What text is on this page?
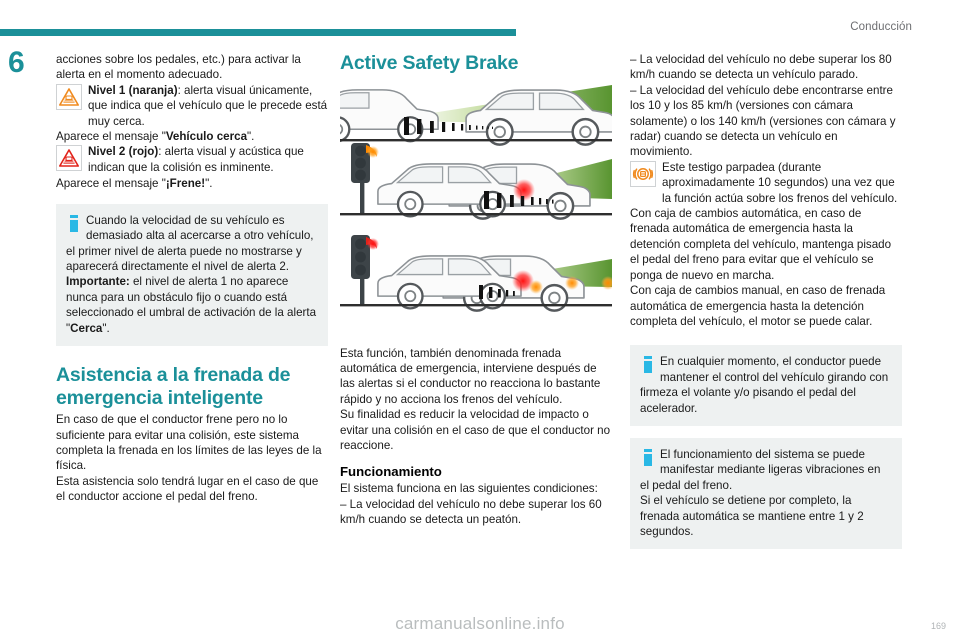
Conducción
6	acciones sobre los pedales, etc.) para activar la alerta en el momento adecuado.

Nivel 1 (naranja): alerta visual únicamente, que indica que el vehículo que le precede está muy cerca.

Aparece el mensaje "Vehículo cerca".

Nivel 2 (rojo): alerta visual y acústica que indican que la colisión es inminente.

Aparece el mensaje "¡Frene!".

Cuando la velocidad de su vehículo es demasiado alta al acercarse a otro vehículo, el primer nivel de alerta puede no mostrarse y aparecerá directamente el nivel de alerta 2.

Importante: el nivel de alerta 1 no aparece nunca para un obstáculo fijo o cuando está seleccionado el umbral de activación de la alerta "Cerca".

Asistencia a la frenada de emergencia inteligente

En caso de que el conductor frene pero no lo suficiente para evitar una colisión, este sistema completa la frenada en los límites de las leyes de la física.

Esta asistencia solo tendrá lugar en el caso de que el conductor accione el pedal del freno.

Active Safety Brake

Esta función, también denominada frenada automática de emergencia, interviene después de las alertas si el conductor no reacciona lo bastante rápido y no acciona los frenos del vehículo.

Su finalidad es reducir la velocidad de impacto o evitar una colisión en el caso de que el conductor no reaccione.

Funcionamiento

El sistema funciona en las siguientes condiciones:

– La velocidad del vehículo no debe superar los 60 km/h cuando se detecta un peatón.

– La velocidad del vehículo no debe superar los 80 km/h cuando se detecta un vehículo parado.

– La velocidad del vehículo debe encontrarse entre los 10 y los 85 km/h (versiones con cámara solamente) o los 140 km/h (versiones con cámara y radar) cuando se detecta un vehículo en movimiento.

Este testigo parpadea (durante aproximadamente 10 segundos) una vez que la función actúa sobre los frenos del vehículo.

Con caja de cambios automática, en caso de frenada automática de emergencia hasta la detención completa del vehículo, mantenga pisado el pedal del freno para evitar que el vehículo se ponga de nuevo en marcha.

Con caja de cambios manual, en caso de frenada automática de emergencia hasta la detención completa del vehículo, el motor se puede calar.

En cualquier momento, el conductor puede mantener el control del vehículo girando con firmeza el volante y/o pisando el pedal del acelerador.
El funcionamiento del sistema se puede manifestar mediante ligeras vibraciones en el pedal del freno.

Si el vehículo se detiene por completo, la frenada automática se mantiene entre 1 y 2 segundos.

carmanualsonline.info	169
